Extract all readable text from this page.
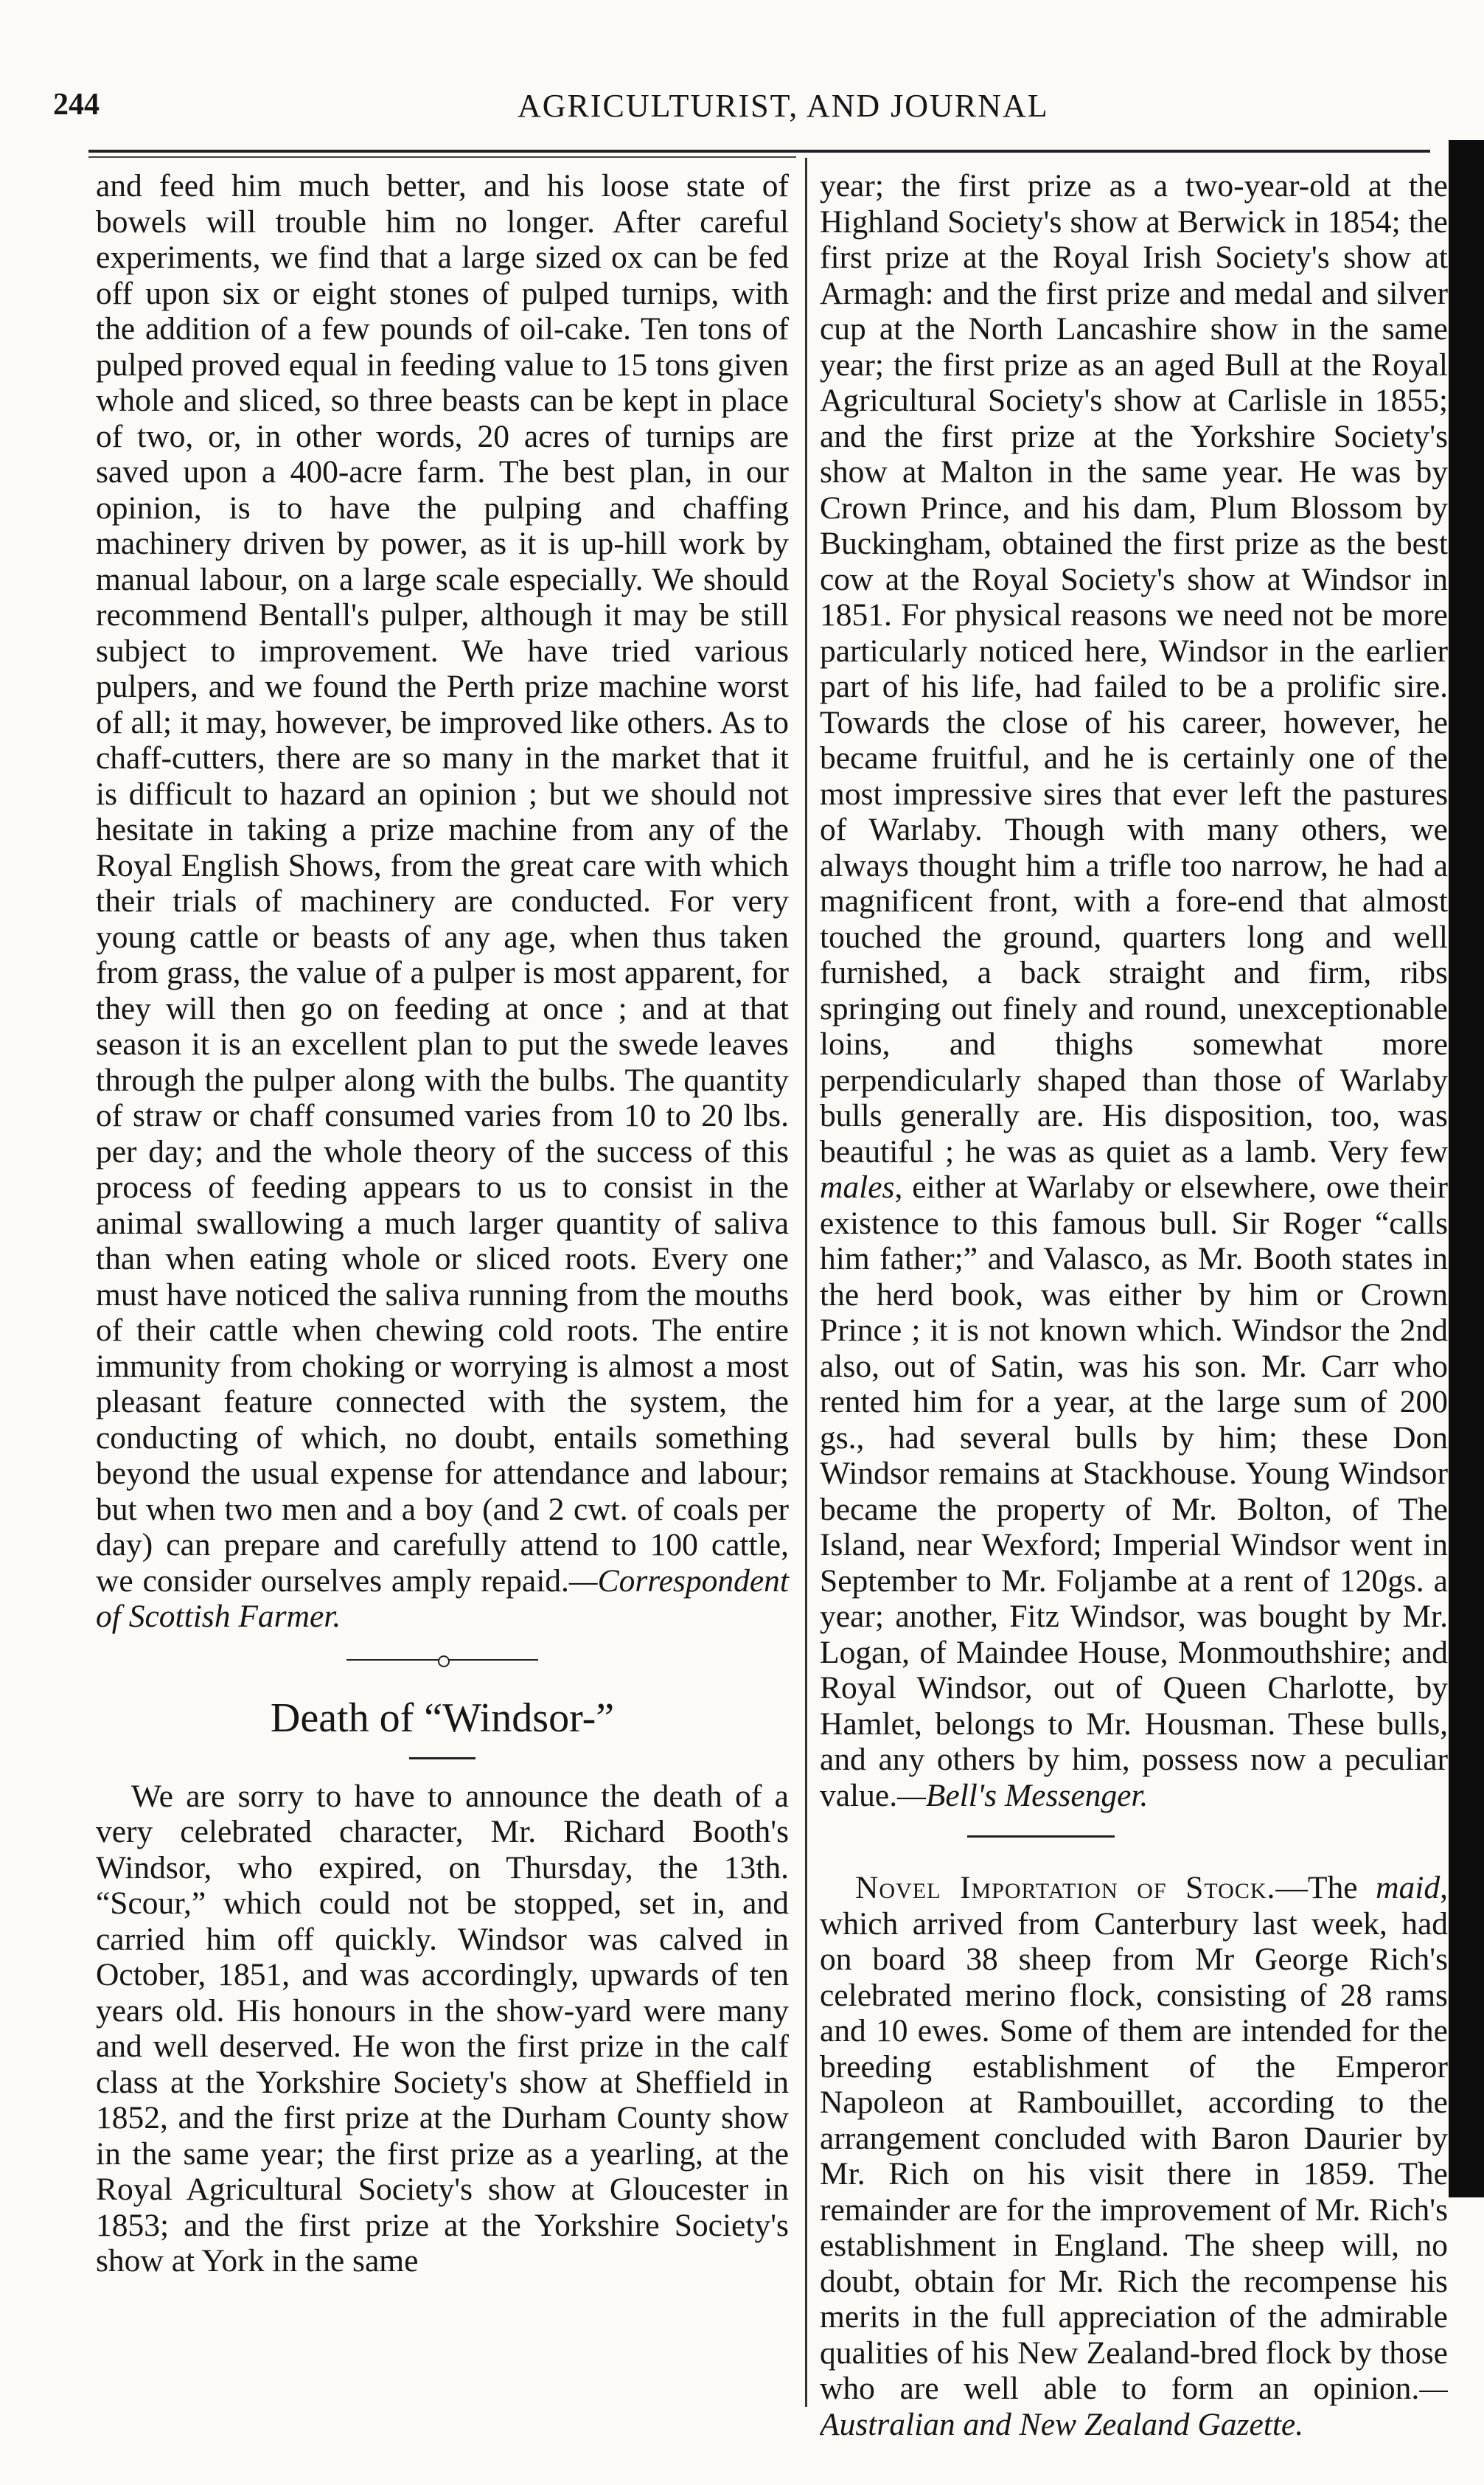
244	AGRICULTURIST, AND JOURNAL

and feed him much better, and his loose state of bowels will trouble him no longer. After careful experiments, we find that a large sized ox can be fed off upon six or eight stones of pulped turnips, with the addition of a few pounds of oil-cake. Ten tons of pulped proved equal in feeding value to 15 tons given whole and sliced, so three beasts can be kept in place of two, or, in other words, 20 acres of turnips are saved upon a 400-acre farm. The best plan, in our opinion, is to have the pulping and chaffing machinery driven by power, as it is up-hill work by manual labour, on a large scale especially. We should recommend Bentall's pulper, although it may be still subject to improvement. We have tried various pulpers, and we found the Perth prize machine worst of all; it may, however, be improved like others. As to chaff-cutters, there are so many in the market that it is difficult to hazard an opinion ; but we should not hesitate in taking a prize machine from any of the Royal English Shows, from the great care with which their trials of machinery are conducted. For very young cattle or beasts of any age, when thus taken from grass, the value of a pulper is most apparent, for they will then go on feeding at once ; and at that season it is an excellent plan to put the swede leaves through the pulper along with the bulbs. The quantity of straw or chaff consumed varies from 10 to 20 lbs. per day; and the whole theory of the success of this process of feeding appears to us to consist in the animal swallowing a much larger quantity of saliva than when eating whole or sliced roots. Every one must have noticed the saliva running from the mouths of their cattle when chewing cold roots. The entire immunity from choking or worrying is almost a most pleasant feature connected with the system, the conducting of which, no doubt, entails something beyond the usual expense for attendance and labour; but when two men and a boy (and 2 cwt. of coals per day) can prepare and carefully attend to 100 cattle, we consider ourselves amply repaid.—Correspondent of Scottish Farmer.

Death of “Windsor-”

We are sorry to have to announce the death of a very celebrated character, Mr. Richard Booth's Windsor, who expired, on Thursday, the 13th. “Scour,” which could not be stopped, set in, and carried him off quickly. Windsor was calved in October, 1851, and was accordingly, upwards of ten years old. His honours in the show-yard were many and well deserved. He won the first prize in the calf class at the Yorkshire Society's show at Sheffield in 1852, and the first prize at the Durham County show in the same year; the first prize as a yearling, at the Royal Agricultural Society's show at Gloucester in 1853; and the first prize at the Yorkshire Society's show at York in the same

year; the first prize as a two-year-old at the Highland Society's show at Berwick in 1854; the first prize at the Royal Irish Society's show at Armagh: and the first prize and medal and silver cup at the North Lancashire show in the same year; the first prize as an aged Bull at the Royal Agricultural Society's show at Carlisle in 1855; and the first prize at the Yorkshire Society's show at Malton in the same year. He was by Crown Prince, and his dam, Plum Blossom by Buckingham, obtained the first prize as the best cow at the Royal Society's show at Windsor in 1851. For physical reasons we need not be more particularly noticed here, Windsor in the earlier part of his life, had failed to be a prolific sire. Towards the close of his career, however, he became fruitful, and he is certainly one of the most impressive sires that ever left the pastures of Warlaby. Though with many others, we always thought him a trifle too narrow, he had a magnificent front, with a fore-end that almost touched the ground, quarters long and well furnished, a back straight and firm, ribs springing out finely and round, unexceptionable loins, and thighs somewhat more perpendicularly shaped than those of Warlaby bulls generally are. His disposition, too, was beautiful ; he was as quiet as a lamb. Very few males, either at Warlaby or elsewhere, owe their existence to this famous bull. Sir Roger “calls him father;” and Valasco, as Mr. Booth states in the herd book, was either by him or Crown Prince ; it is not known which. Windsor the 2nd also, out of Satin, was his son. Mr. Carr who rented him for a year, at the large sum of 200 gs., had several bulls by him; these Don Windsor remains at Stackhouse. Young Windsor became the property of Mr. Bolton, of The Island, near Wexford; Imperial Windsor went in September to Mr. Foljambe at a rent of 120gs. a year; another, Fitz Windsor, was bought by Mr. Logan, of Maindee House, Monmouthshire; and Royal Windsor, out of Queen Charlotte, by Hamlet, belongs to Mr. Housman. These bulls, and any others by him, possess now a peculiar value.—Bell's Messenger.

Novel Importation of Stock.—The maid, which arrived from Canterbury last week, had on board 38 sheep from Mr George Rich's celebrated merino flock, consisting of 28 rams and 10 ewes. Some of them are intended for the breeding establishment of the Emperor Napoleon at Rambouillet, according to the arrangement concluded with Baron Daurier by Mr. Rich on his visit there in 1859. The remainder are for the improvement of Mr. Rich's establishment in England. The sheep will, no doubt, obtain for Mr. Rich the recompense his merits in the full appreciation of the admirable qualities of his New Zealand-bred flock by those who are well able to form an opinion.—Australian and New Zealand Gazette.
